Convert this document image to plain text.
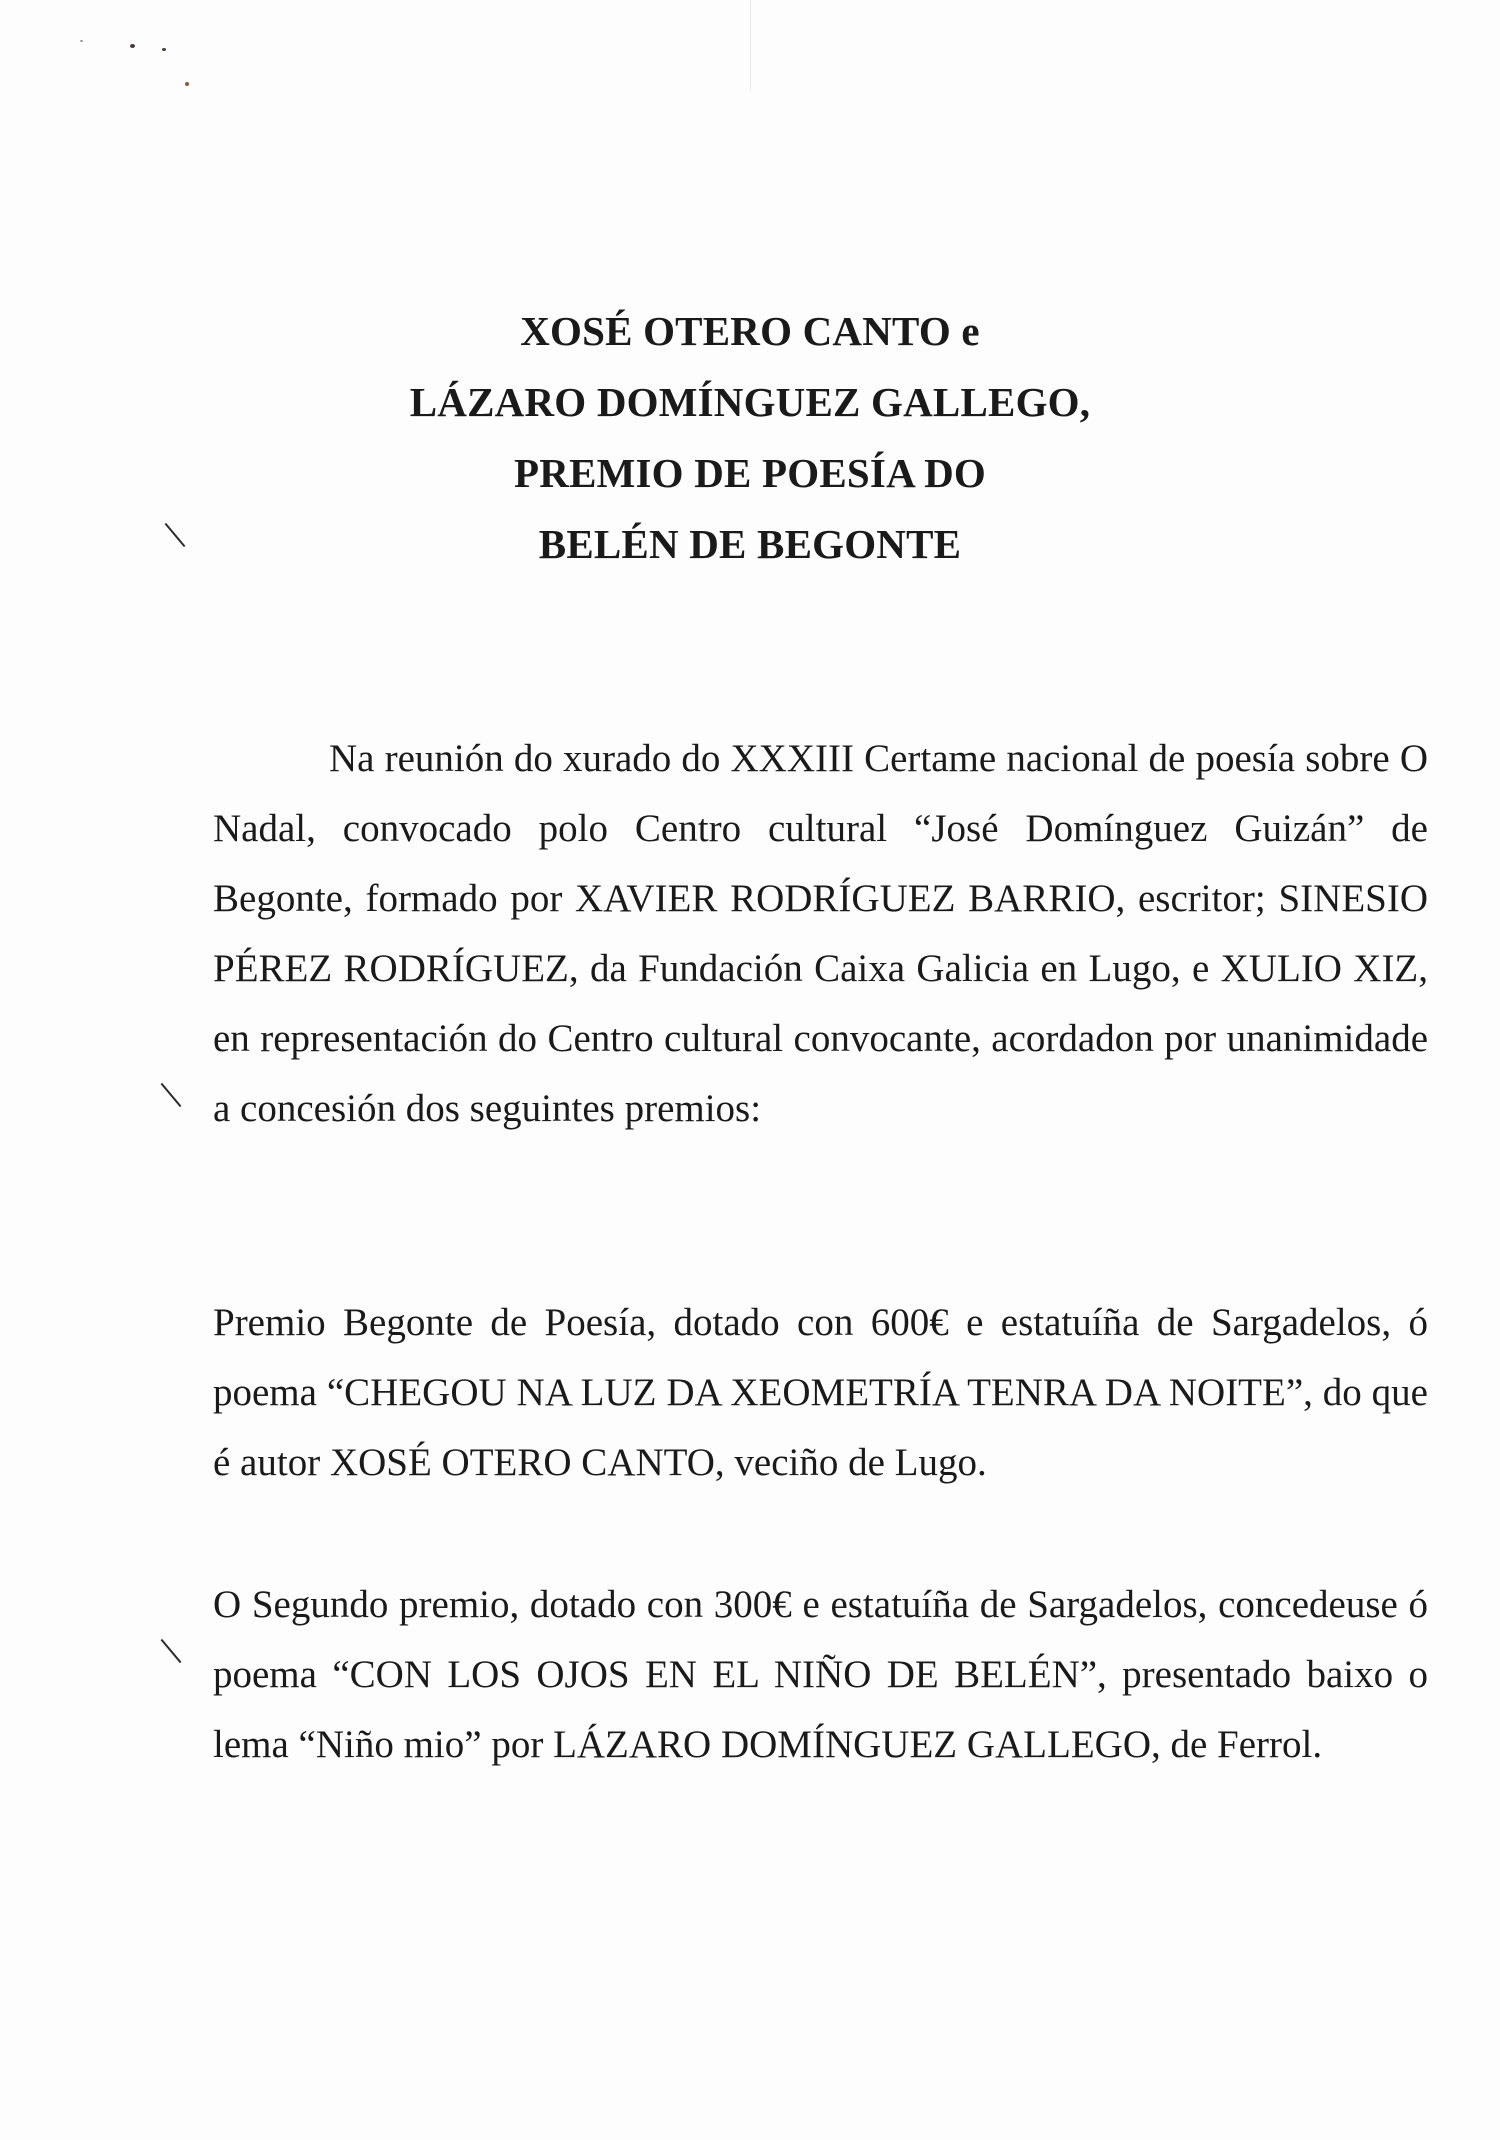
XOSÉ OTERO CANTO e
LÁZARO DOMÍNGUEZ GALLEGO,
PREMIO DE POESÍA DO
BELÉN DE BEGONTE

Na reunión do xurado do XXXIII Certame nacional de poesía sobre O Nadal, convocado polo Centro cultural “José Domínguez Guizán” de Begonte, formado por XAVIER RODRÍGUEZ BARRIO, escritor; SINESIO PÉREZ RODRÍGUEZ, da Fundación Caixa Galicia en Lugo, e XULIO XIZ, en representación do Centro cultural convocante, acordadon por unanimidade a concesión dos seguintes premios:

Premio Begonte de Poesía, dotado con 600€ e estatuíña de Sargadelos, ó poema “CHEGOU NA LUZ DA XEOMETRÍA TENRA DA NOITE”, do que é autor XOSÉ OTERO CANTO, veciño de Lugo.

O Segundo premio, dotado con 300€ e estatuíña de Sargadelos, concedeuse ó poema “CON LOS OJOS EN EL NIÑO DE BELÉN”, presentado baixo o lema “Niño mio” por LÁZARO DOMÍNGUEZ GALLEGO, de Ferrol.
